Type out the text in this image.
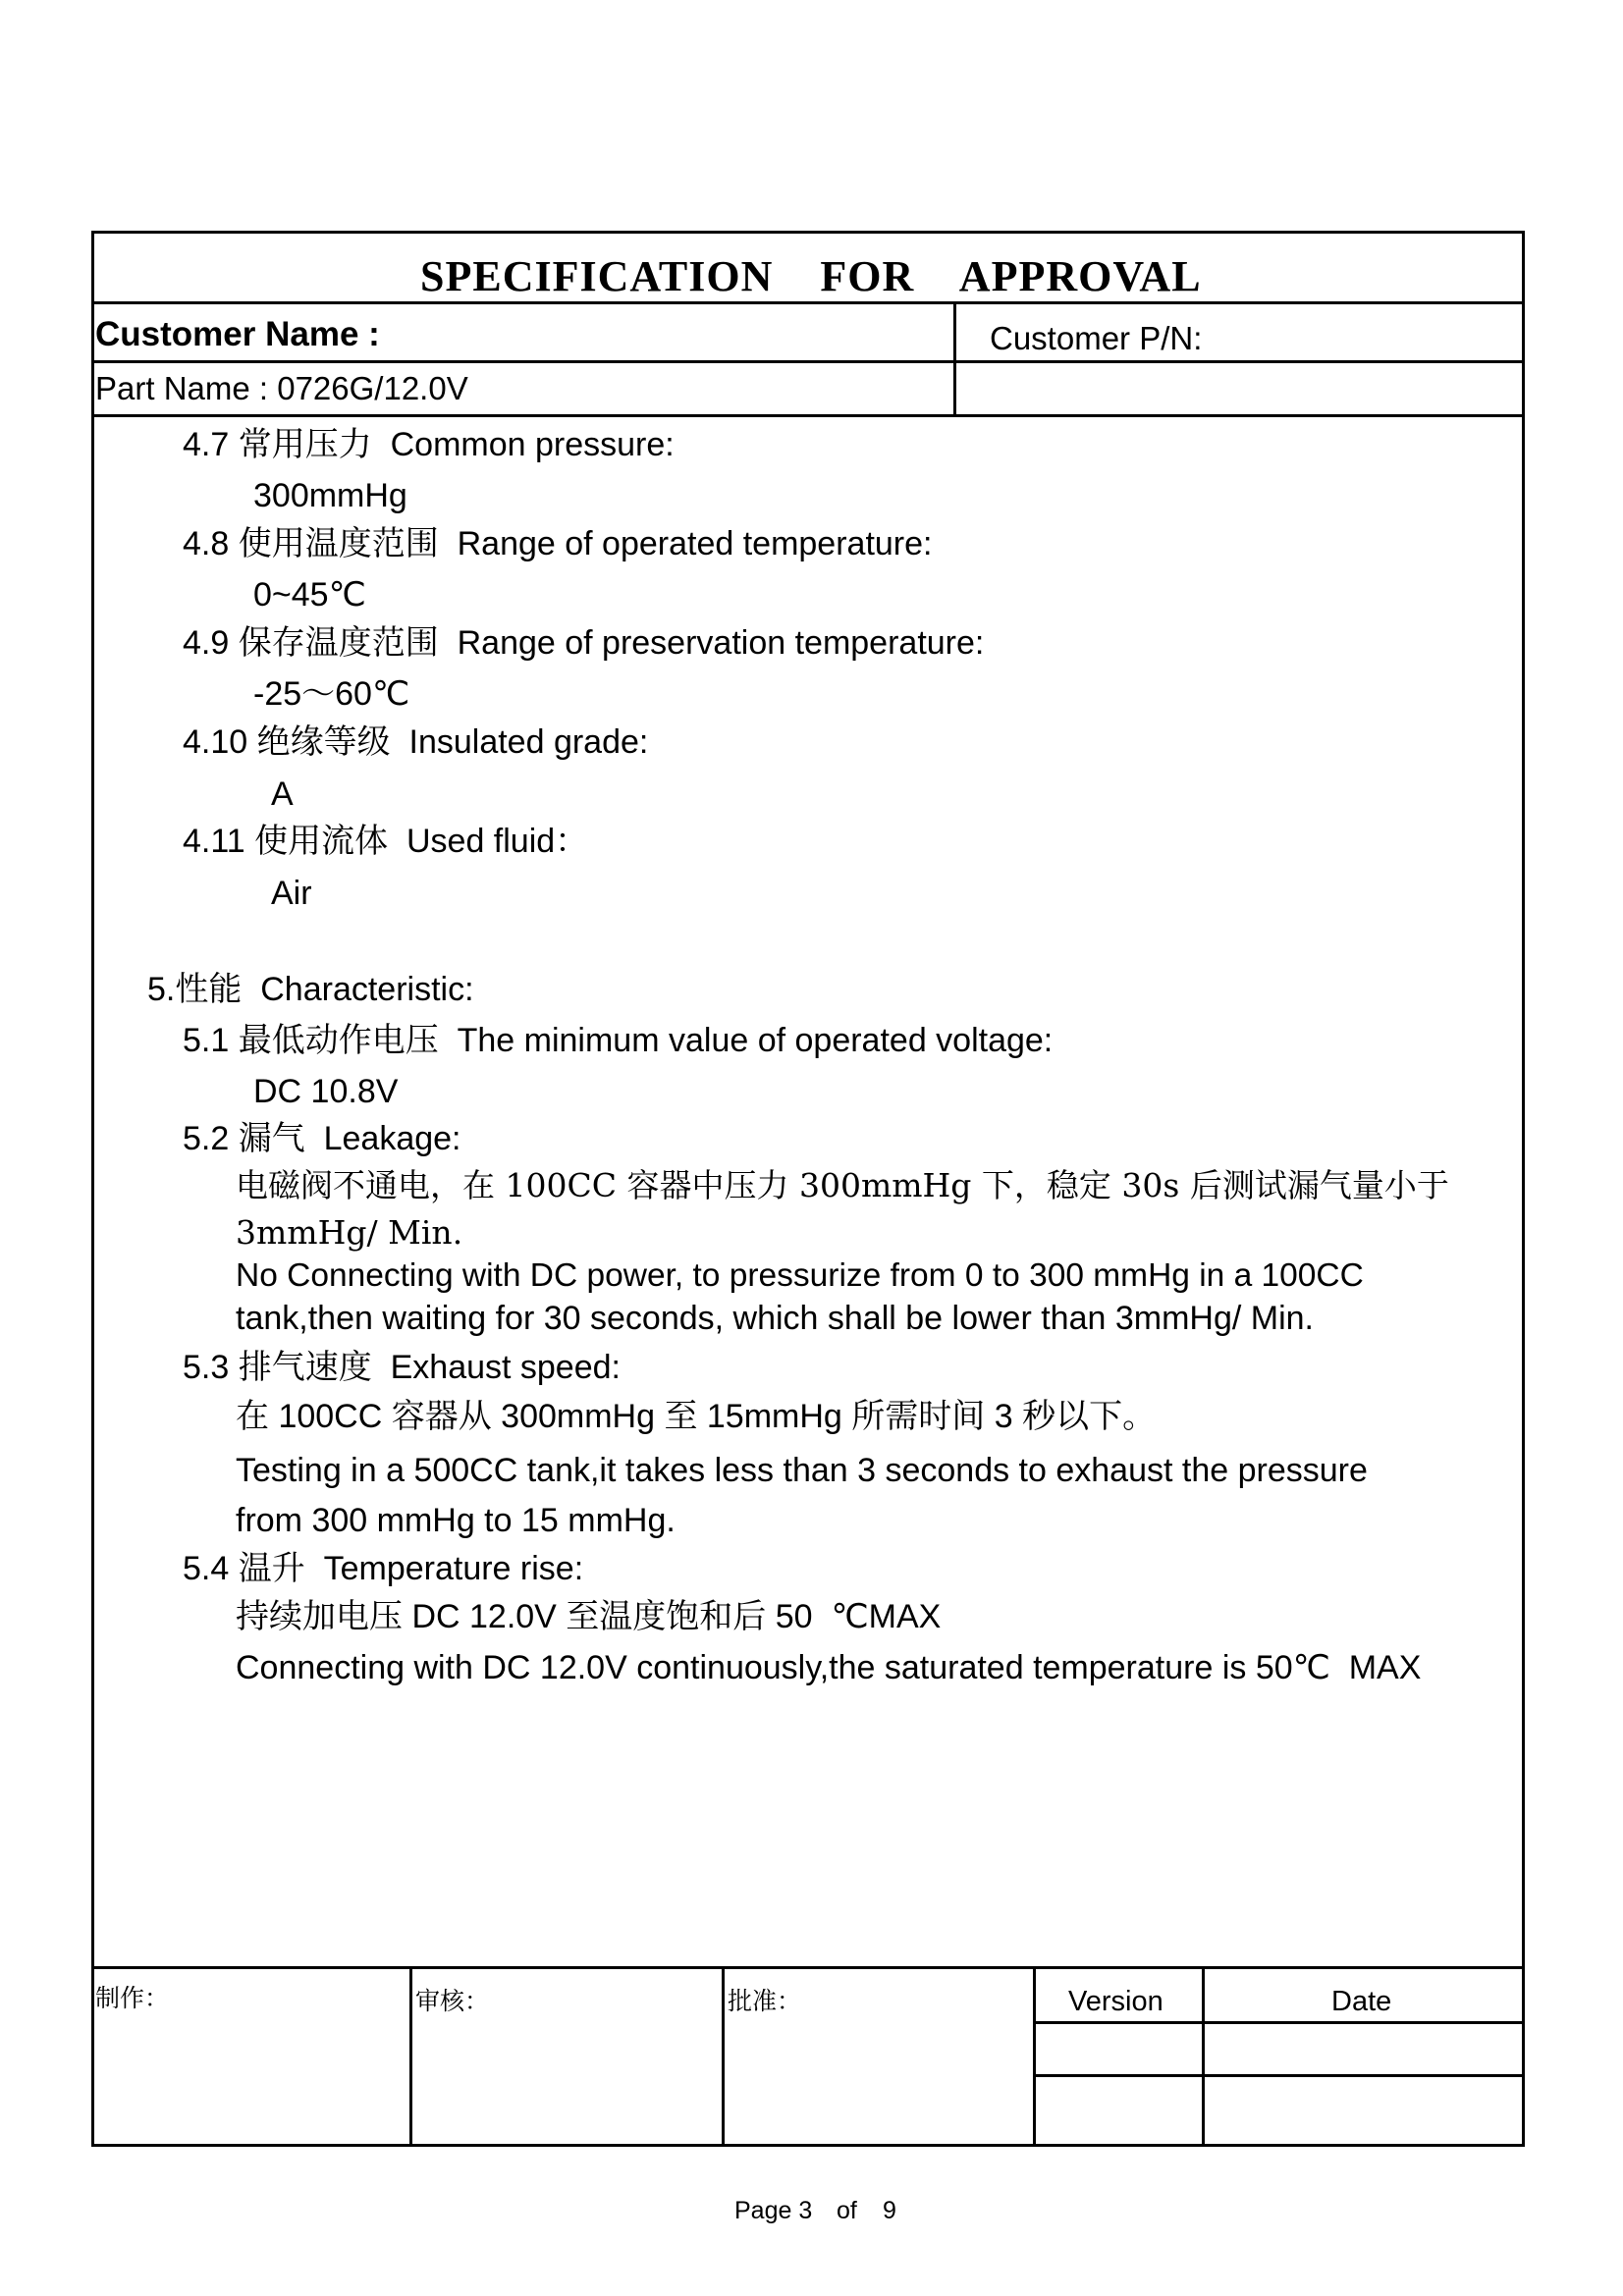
SPECIFICATION    FOR    APPROVAL
Customer Name :	Customer P/N:
Part Name : 0726G/12.0V
4.7 常用压力  Common pressure:
300mmHg
4.8 使用温度范围  Range of operated temperature:
0~45℃
4.9 保存温度范围  Range of preservation temperature:
-25～60℃
4.10 绝缘等级  Insulated grade:
A
4.11 使用流体  Used fluid：
Air
5.性能  Characteristic:
5.1 最低动作电压  The minimum value of operated voltage:
DC 10.8V
5.2 漏气  Leakage:
电磁阀不通电，在 100CC 容器中压力 300mmHg 下，稳定 30s 后测试漏气量小于
3mmHg/ Min.
No Connecting with DC power, to pressurize from 0 to 300 mmHg in a 100CC
tank,then waiting for 30 seconds, which shall be lower than 3mmHg/ Min.
5.3 排气速度  Exhaust speed:
在 100CC 容器从 300mmHg 至 15mmHg 所需时间 3 秒以下。
Testing in a 500CC tank,it takes less than 3 seconds to exhaust the pressure
from 300 mmHg to 15 mmHg.
5.4 温升  Temperature rise:
持续加电压 DC 12.0V 至温度饱和后 50  ℃MAX
Connecting with DC 12.0V continuously,the saturated temperature is 50℃  MAX
制作：	审核：	批准：	Version	Date
Page 3 of 9
